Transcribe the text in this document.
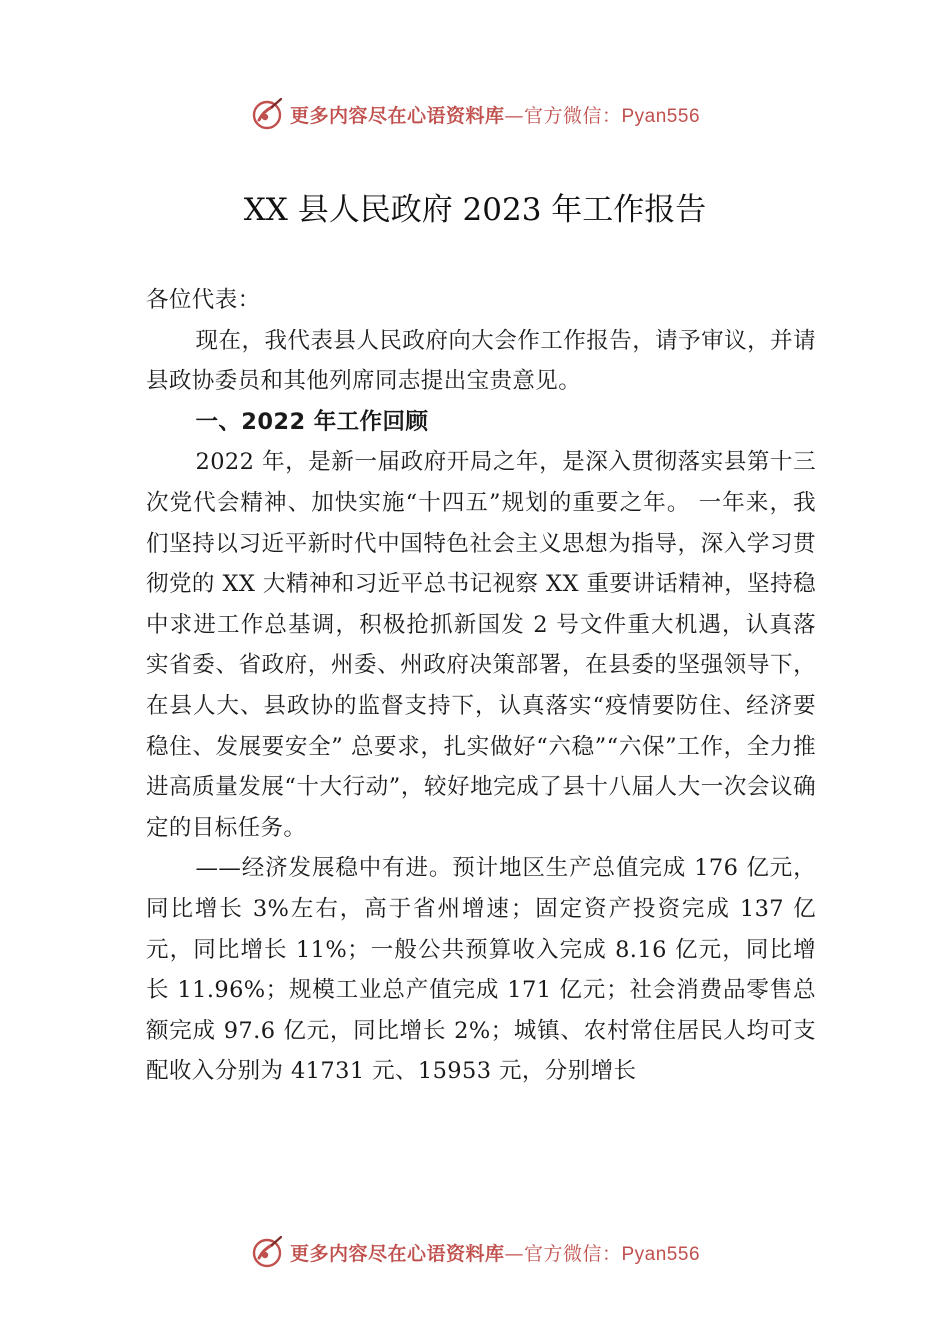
更多内容尽在心语资料库—官方微信：Pyan556
XX 县人民政府 2023 年工作报告

各位代表：

现在，我代表县人民政府向大会作工作报告，请予审议，并请县政协委员和其他列席同志提出宝贵意见。

一、2022 年工作回顾

2022 年，是新一届政府开局之年，是深入贯彻落实县第十三次党代会精神、加快实施“十四五”规划的重要之年。 一年来，我们坚持以习近平新时代中国特色社会主义思想为指导，深入学习贯彻党的 XX 大精神和习近平总书记视察 XX 重要讲话精神，坚持稳中求进工作总基调，积极抢抓新国发 2 号文件重大机遇，认真落实省委、省政府，州委、州政府决策部署，在县委的坚强领导下，在县人大、县政协的监督支持下，认真落实“疫情要防住、经济要稳住、发展要安全” 总要求，扎实做好“六稳”“六保”工作，全力推进高质量发展“十大行动”，较好地完成了县十八届人大一次会议确定的目标任务。

——经济发展稳中有进。预计地区生产总值完成 176 亿元，同比增长 3%左右，高于省州增速；固定资产投资完成 137 亿元，同比增长 11%；一般公共预算收入完成 8.16 亿元，同比增长 11.96%；规模工业总产值完成 171 亿元；社会消费品零售总额完成 97.6 亿元，同比增长 2%；城镇、农村常住居民人均可支配收入分别为 41731 元、15953 元，分别增长

更多内容尽在心语资料库—官方微信：Pyan556
